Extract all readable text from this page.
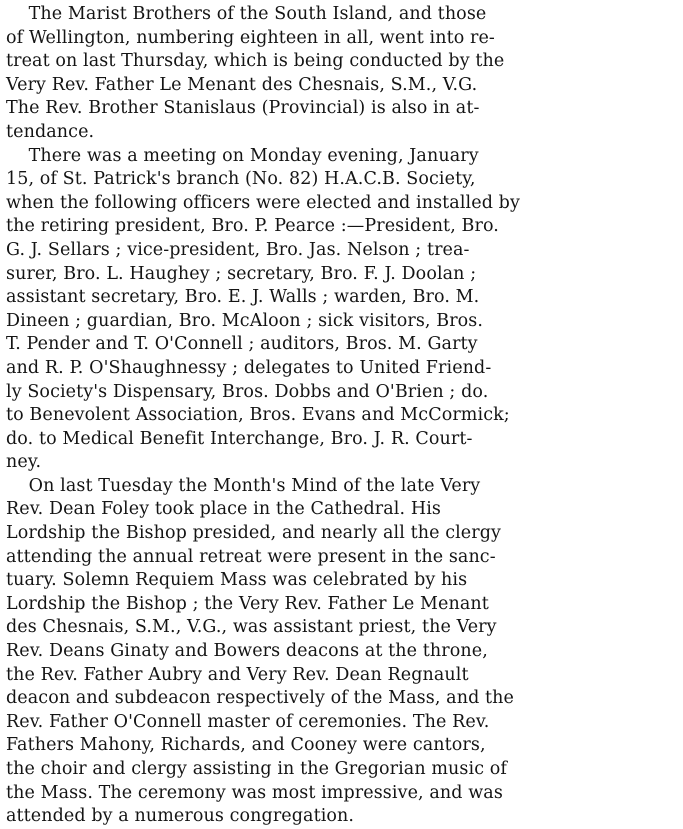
The Marist Brothers of the South Island, and those
of Wellington, numbering eighteen in all, went into re-
treat on last Thursday, which is being conducted by the
Very Rev. Father Le Menant des Chesnais, S.M., V.G.
The Rev. Brother Stanislaus (Provincial) is also in at-
tendance.

There was a meeting on Monday evening, January
15, of St. Patrick's branch (No. 82) H.A.C.B. Society,
when the following officers were elected and installed by
the retiring president, Bro. P. Pearce :—President, Bro.
G. J. Sellars ; vice-president, Bro. Jas. Nelson ; trea-
surer, Bro. L. Haughey ; secretary, Bro. F. J. Doolan ;
assistant secretary, Bro. E. J. Walls ; warden, Bro. M.
Dineen ; guardian, Bro. McAloon ; sick visitors, Bros.
T. Pender and T. O'Connell ; auditors, Bros. M. Garty
and R. P. O'Shaughnessy ; delegates to United Friend-
ly Society's Dispensary, Bros. Dobbs and O'Brien ; do.
to Benevolent Association, Bros. Evans and McCormick;
do. to Medical Benefit Interchange, Bro. J. R. Court-
ney.

On last Tuesday the Month's Mind of the late Very
Rev. Dean Foley took place in the Cathedral. His
Lordship the Bishop presided, and nearly all the clergy
attending the annual retreat were present in the sanc-
tuary. Solemn Requiem Mass was celebrated by his
Lordship the Bishop ; the Very Rev. Father Le Menant
des Chesnais, S.M., V.G., was assistant priest, the Very
Rev. Deans Ginaty and Bowers deacons at the throne,
the Rev. Father Aubry and Very Rev. Dean Regnault
deacon and subdeacon respectively of the Mass, and the
Rev. Father O'Connell master of ceremonies. The Rev.
Fathers Mahony, Richards, and Cooney were cantors,
the choir and clergy assisting in the Gregorian music of
the Mass. The ceremony was most impressive, and was
attended by a numerous congregation.
